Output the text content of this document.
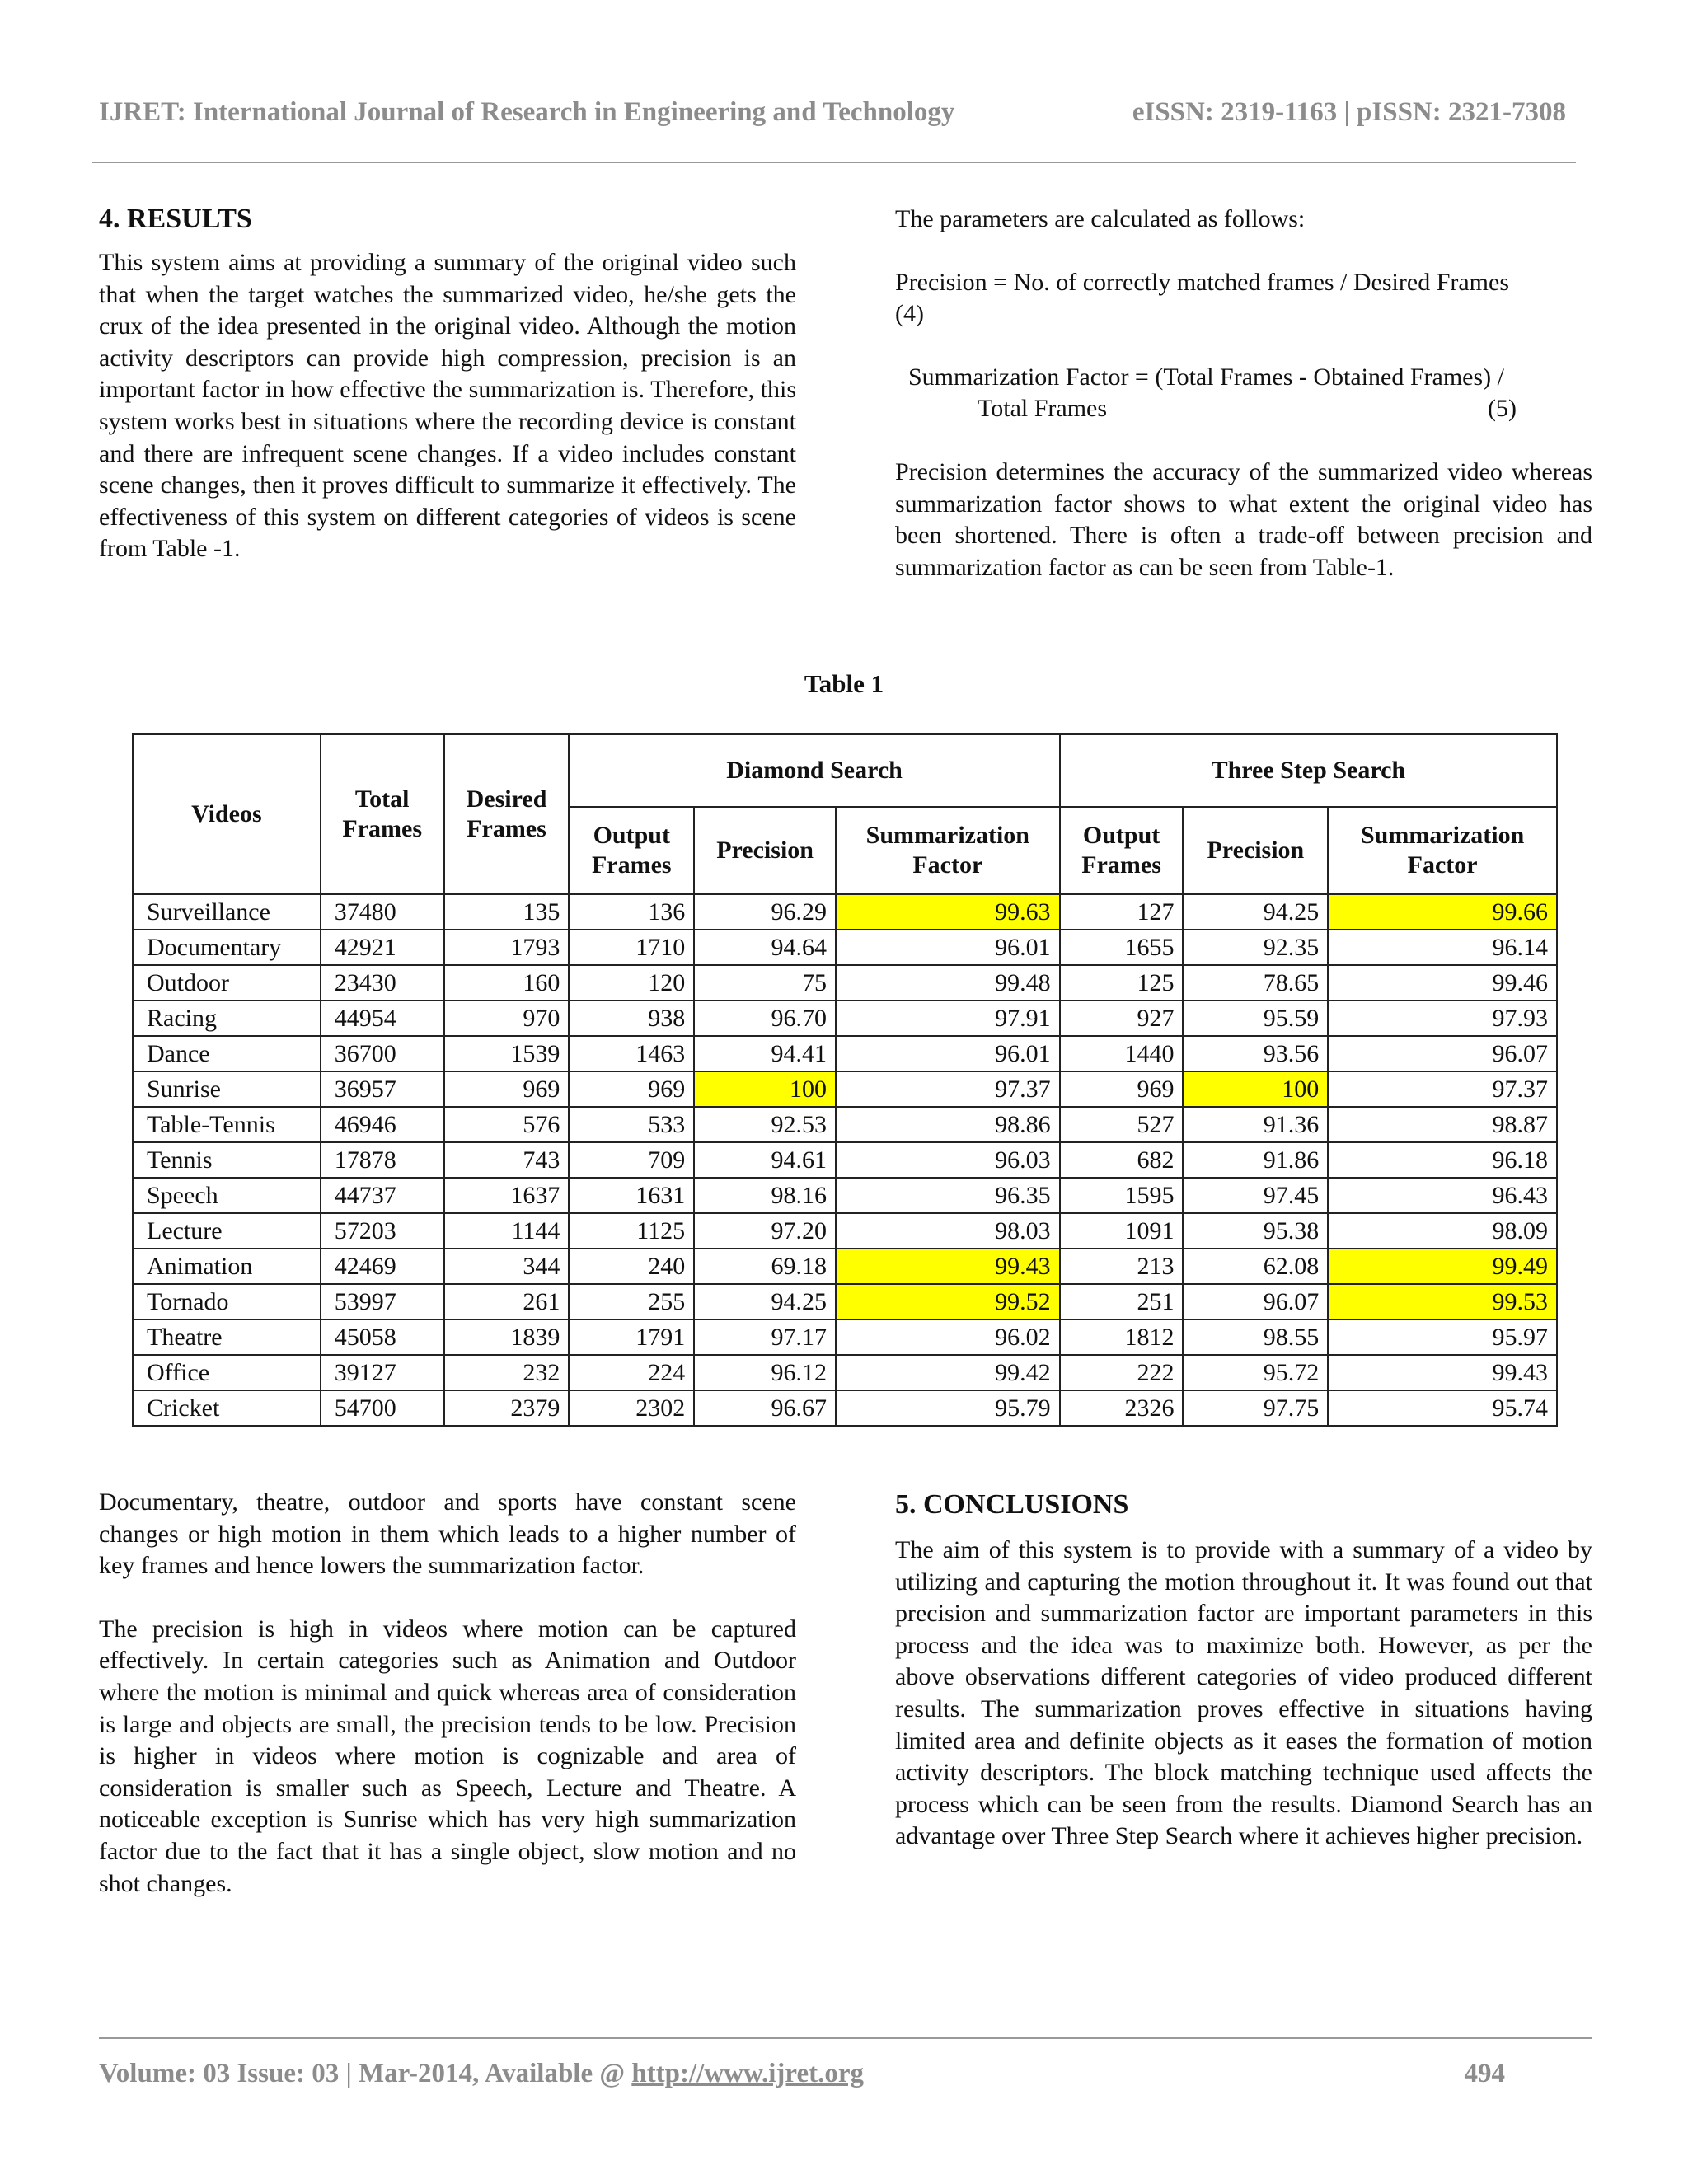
IJRET: International Journal of Research in Engineering and Technology	eISSN: 2319-1163 | pISSN: 2321-7308
4. RESULTS

This system aims at providing a summary of the original video such that when the target watches the summarized video, he/she gets the crux of the idea presented in the original video. Although the motion activity descriptors can provide high compression, precision is an important factor in how effective the summarization is. Therefore, this system works best in situations where the recording device is constant and there are infrequent scene changes. If a video includes constant scene changes, then it proves difficult to summarize it effectively. The effectiveness of this system on different categories of videos is scene from Table -1.

The parameters are calculated as follows:

Precision = No. of correctly matched frames / Desired Frames

(4)

Summarization Factor = (Total Frames - Obtained Frames) /

Total Frames	(5)

Precision determines the accuracy of the summarized video whereas summarization factor shows to what extent the original video has been shortened. There is often a trade-off between precision and summarization factor as can be seen from Table-1.

Table 1
Videos	Total Frames	Desired Frames	Diamond Search			Three Step Search		
			Output Frames	Precision	Summarization Factor	Output Frames	Precision	Summarization Factor
Surveillance	37480	135	136	96.29	99.63	127	94.25	99.66
Documentary	42921	1793	1710	94.64	96.01	1655	92.35	96.14
Outdoor	23430	160	120	75	99.48	125	78.65	99.46
Racing	44954	970	938	96.70	97.91	927	95.59	97.93
Dance	36700	1539	1463	94.41	96.01	1440	93.56	96.07
Sunrise	36957	969	969	100	97.37	969	100	97.37
Table-Tennis	46946	576	533	92.53	98.86	527	91.36	98.87
Tennis	17878	743	709	94.61	96.03	682	91.86	96.18
Speech	44737	1637	1631	98.16	96.35	1595	97.45	96.43
Lecture	57203	1144	1125	97.20	98.03	1091	95.38	98.09
Animation	42469	344	240	69.18	99.43	213	62.08	99.49
Tornado	53997	261	255	94.25	99.52	251	96.07	99.53
Theatre	45058	1839	1791	97.17	96.02	1812	98.55	95.97
Office	39127	232	224	96.12	99.42	222	95.72	99.43
Cricket	54700	2379	2302	96.67	95.79	2326	97.75	95.74

Documentary, theatre, outdoor and sports have constant scene changes or high motion in them which leads to a higher number of key frames and hence lowers the summarization factor.

The precision is high in videos where motion can be captured effectively. In certain categories such as Animation and Outdoor where the motion is minimal and quick whereas area of consideration is large and objects are small, the precision tends to be low. Precision is higher in videos where motion is cognizable and area of consideration is smaller such as Speech, Lecture and Theatre. A noticeable exception is Sunrise which has very high summarization factor due to the fact that it has a single object, slow motion and no shot changes.

5. CONCLUSIONS

The aim of this system is to provide with a summary of a video by utilizing and capturing the motion throughout it. It was found out that precision and summarization factor are important parameters in this process and the idea was to maximize both. However, as per the above observations different categories of video produced different results. The summarization proves effective in situations having limited area and definite objects as it eases the formation of motion activity descriptors. The block matching technique used affects the process which can be seen from the results. Diamond Search has an advantage over Three Step Search where it achieves higher precision.

Volume: 03 Issue: 03 | Mar-2014, Available @ http://www.ijret.org	494
